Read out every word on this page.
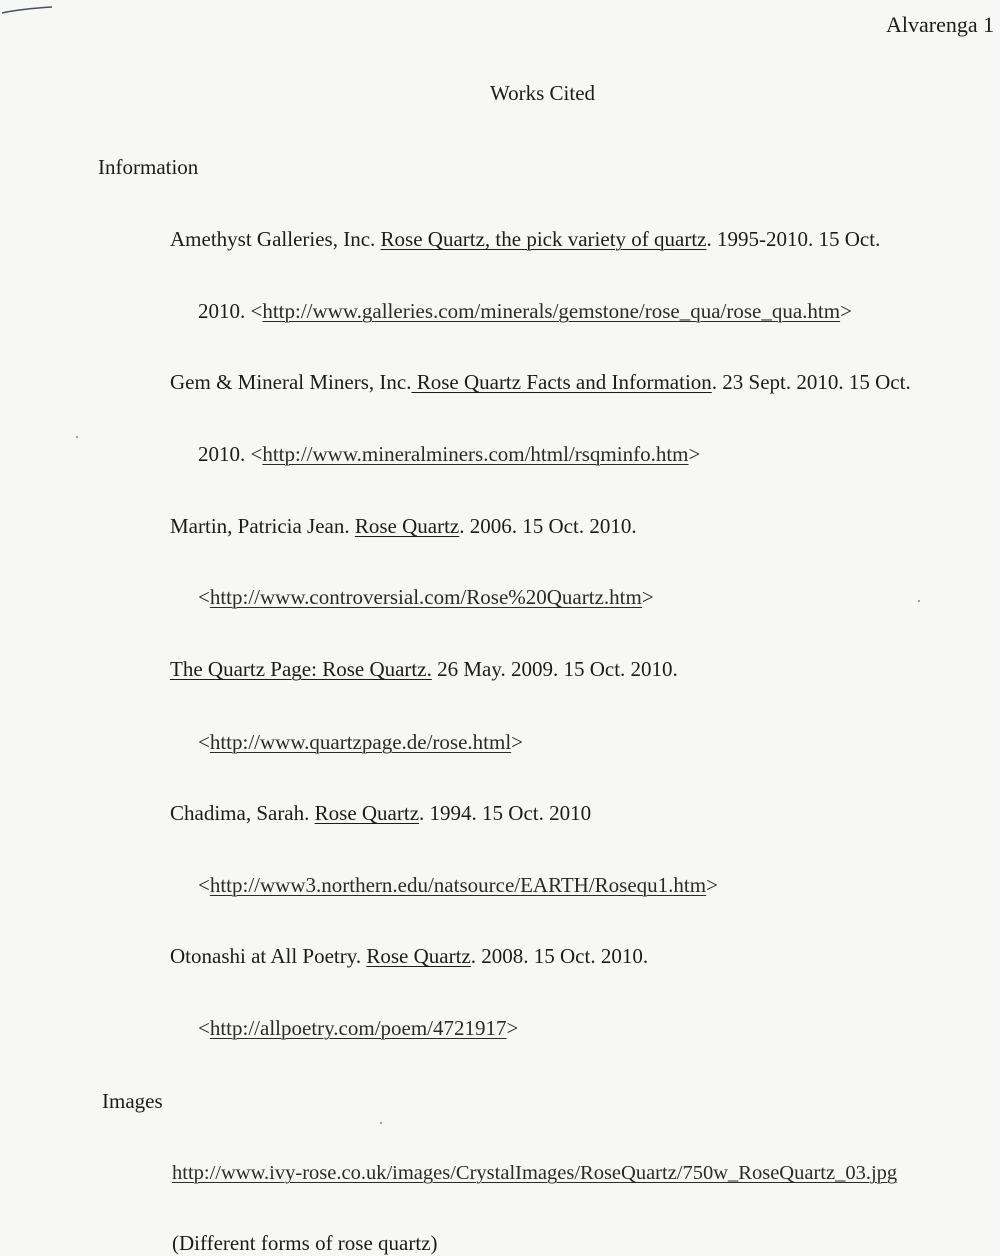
Alvarenga 1
Works Cited
Information
Amethyst Galleries, Inc. Rose Quartz, the pick variety of quartz. 1995-2010. 15 Oct.
2010. <http://www.galleries.com/minerals/gemstone/rose_qua/rose_qua.htm>
Gem & Mineral Miners, Inc. Rose Quartz Facts and Information. 23 Sept. 2010. 15 Oct.
2010. <http://www.mineralminers.com/html/rsqminfo.htm>
Martin, Patricia Jean. Rose Quartz. 2006. 15 Oct. 2010.
<http://www.controversial.com/Rose%20Quartz.htm>
The Quartz Page: Rose Quartz. 26 May. 2009. 15 Oct. 2010.
<http://www.quartzpage.de/rose.html>
Chadima, Sarah. Rose Quartz. 1994. 15 Oct. 2010
<http://www3.northern.edu/natsource/EARTH/Rosequ1.htm>
Otonashi at All Poetry. Rose Quartz. 2008. 15 Oct. 2010.
<http://allpoetry.com/poem/4721917>
Images
http://www.ivy-rose.co.uk/images/CrystalImages/RoseQuartz/750w_RoseQuartz_03.jpg
(Different forms of rose quartz)
